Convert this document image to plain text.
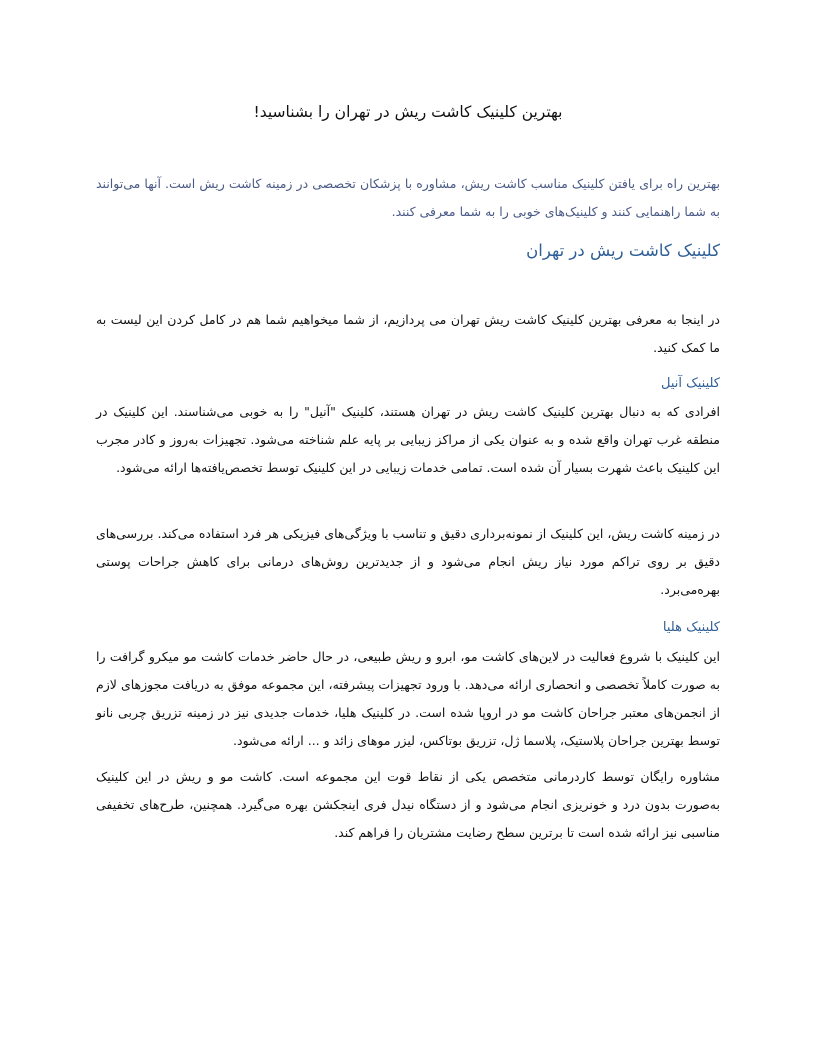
بهترین کلینیک کاشت ریش در تهران را بشناسید!

بهترین راه برای یافتن کلینیک مناسب کاشت ریش، مشاوره با پزشکان تخصصی در زمینه کاشت ریش است. آنها می‌توانند به شما راهنمایی کنند و کلینیک‌های خوبی را به شما معرفی کنند.

کلینیک کاشت ریش در تهران

در اینجا به معرفی بهترین کلینیک کاشت ریش تهران می پردازیم، از شما میخواهیم شما هم در کامل کردن این لیست به ما کمک کنید.

کلینیک آنیل

افرادی که به دنبال بهترین کلینیک کاشت ریش در تهران هستند، کلینیک "آنیل" را به خوبی می‌شناسند. این کلینیک در منطقه غرب تهران واقع شده و به عنوان یکی از مراکز زیبایی بر پایه علم شناخته می‌شود. تجهیزات به‌روز و کادر مجرب این کلینیک باعث شهرت بسیار آن شده است. تمامی خدمات زیبایی در این کلینیک توسط تخصص‌یافته‌ها ارائه می‌شود.

در زمینه کاشت ریش، این کلینیک از نمونه‌برداری دقیق و تناسب با ویژگی‌های فیزیکی هر فرد استفاده می‌کند. بررسی‌های دقیق بر روی تراکم مورد نیاز ریش انجام می‌شود و از جدیدترین روش‌های درمانی برای کاهش جراحات پوستی بهره‌می‌برد.

کلینیک هلیا

این کلینیک با شروع فعالیت در لاین‌های کاشت مو، ابرو و ریش طبیعی، در حال حاضر خدمات کاشت مو میکرو گرافت را به صورت کاملاً تخصصی و انحصاری ارائه می‌دهد. با ورود تجهیزات پیشرفته، این مجموعه موفق به دریافت مجوزهای لازم از انجمن‌های معتبر جراحان کاشت مو در اروپا شده است. در کلینیک هلیا، خدمات جدیدی نیز در زمینه تزریق چربی نانو توسط بهترین جراحان پلاستیک، پلاسما ژل، تزریق بوتاکس، لیزر موهای زائد و ... ارائه می‌شود.

مشاوره رایگان توسط کاردرمانی متخصص یکی از نقاط قوت این مجموعه است. کاشت مو و ریش در این کلینیک به‌صورت بدون درد و خونریزی انجام می‌شود و از دستگاه نیدل فری اینجکشن بهره می‌گیرد. همچنین، طرح‌های تخفیفی مناسبی نیز ارائه شده است تا برترین سطح رضایت مشتریان را فراهم کند.
